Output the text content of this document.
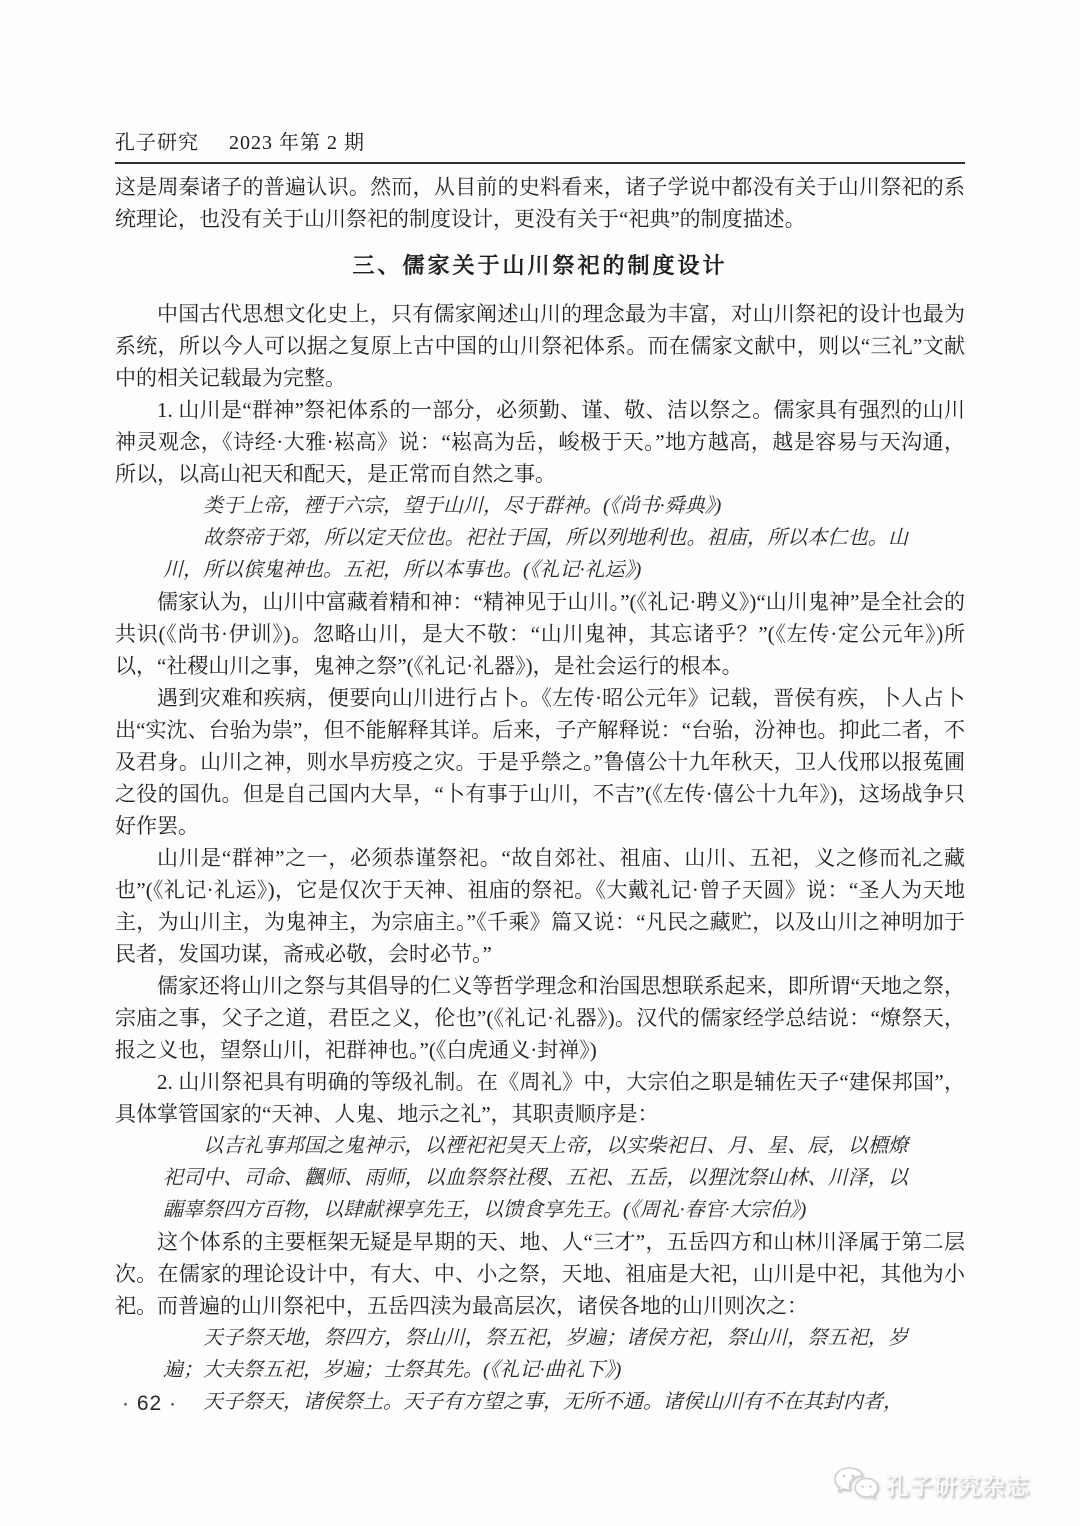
孔子研究 2023 年第 2 期

这是周秦诸子的普遍认识。然而，从目前的史料看来，诸子学说中都没有关于山川祭祀的系统理论，也没有关于山川祭祀的制度设计，更没有关于“祀典”的制度描述。

三、儒家关于山川祭祀的制度设计

中国古代思想文化史上，只有儒家阐述山川的理念最为丰富，对山川祭祀的设计也最为系统，所以今人可以据之复原上古中国的山川祭祀体系。而在儒家文献中，则以“三礼”文献中的相关记载最为完整。

1. 山川是“群神”祭祀体系的一部分，必须勤、谨、敬、洁以祭之。儒家具有强烈的山川神灵观念，《诗经·大雅·崧高》说：“崧高为岳，峻极于天。”地方越高，越是容易与天沟通，所以，以高山祀天和配天，是正常而自然之事。

类于上帝，禋于六宗，望于山川，尽于群神。(《尚书·舜典》)

故祭帝于郊，所以定天位也。祀社于国，所以列地利也。祖庙，所以本仁也。山川，所以傧鬼神也。五祀，所以本事也。(《礼记·礼运》)

儒家认为，山川中富藏着精和神：“精神见于山川。”(《礼记·聘义》)“山川鬼神”是全社会的共识(《尚书·伊训》)。忽略山川，是大不敬：“山川鬼神，其忘诸乎？”(《左传·定公元年》)所以，“社稷山川之事，鬼神之祭”(《礼记·礼器》)，是社会运行的根本。

遇到灾难和疾病，便要向山川进行占卜。《左传·昭公元年》记载，晋侯有疾，卜人占卜出“实沈、台骀为祟”，但不能解释其详。后来，子产解释说：“台骀，汾神也。抑此二者，不及君身。山川之神，则水旱疠疫之灾。于是乎禜之。”鲁僖公十九年秋天，卫人伐邢以报菟圃之役的国仇。但是自己国内大旱，“卜有事于山川，不吉”(《左传·僖公十九年》)，这场战争只好作罢。

山川是“群神”之一，必须恭谨祭祀。“故自郊社、祖庙、山川、五祀，义之修而礼之藏也”(《礼记·礼运》)，它是仅次于天神、祖庙的祭祀。《大戴礼记·曾子天圆》说：“圣人为天地主，为山川主，为鬼神主，为宗庙主。”《千乘》篇又说：“凡民之藏贮，以及山川之神明加于民者，发国功谋，斋戒必敬，会时必节。”

儒家还将山川之祭与其倡导的仁义等哲学理念和治国思想联系起来，即所谓“天地之祭，宗庙之事，父子之道，君臣之义，伦也”(《礼记·礼器》)。汉代的儒家经学总结说：“燎祭天，报之义也，望祭山川，祀群神也。”(《白虎通义·封禅》)

2. 山川祭祀具有明确的等级礼制。在《周礼》中，大宗伯之职是辅佐天子“建保邦国”，具体掌管国家的“天神、人鬼、地示之礼”，其职责顺序是：

以吉礼事邦国之鬼神示，以禋祀祀昊天上帝，以实柴祀日、月、星、辰，以槱燎祀司中、司命、飌师、雨师，以血祭祭社稷、五祀、五岳，以狸沈祭山林、川泽，以疈辜祭四方百物，以肆献裸享先王，以馈食享先王。(《周礼·春官·大宗伯》)

这个体系的主要框架无疑是早期的天、地、人“三才”，五岳四方和山林川泽属于第二层次。在儒家的理论设计中，有大、中、小之祭，天地、祖庙是大祀，山川是中祀，其他为小祀。而普遍的山川祭祀中，五岳四渎为最高层次，诸侯各地的山川则次之：

天子祭天地，祭四方，祭山川，祭五祀，岁遍；诸侯方祀，祭山川，祭五祀，岁遍；大夫祭五祀，岁遍；士祭其先。(《礼记·曲礼下》)

天子祭天，诸侯祭土。天子有方望之事，无所不通。诸侯山川有不在其封内者，

· 62 ·
孔子研究杂志
